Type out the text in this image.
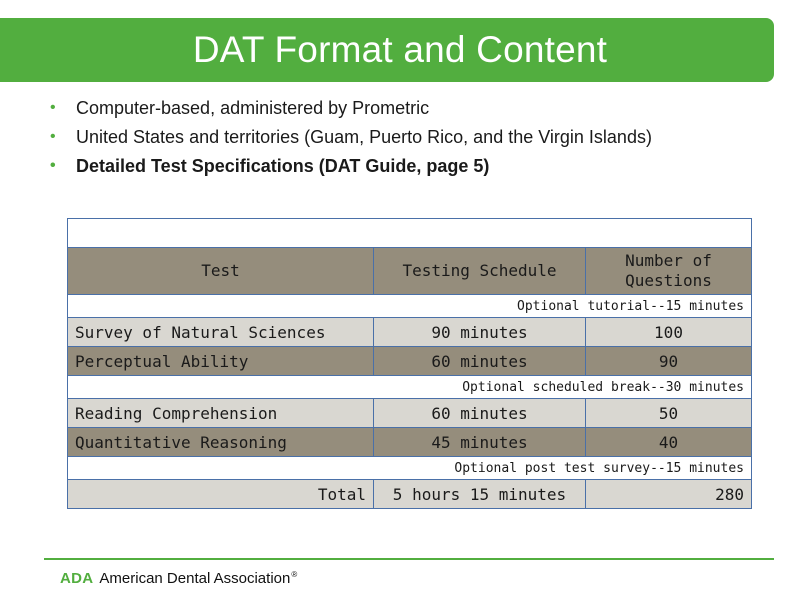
DAT Format and Content
• Computer-based, administered by Prometric
• United States and territories (Guam, Puerto Rico, and the Virgin Islands)
• Detailed Test Specifications (DAT Guide, page 5)

Test	Testing Schedule	Number of Questions
Optional tutorial--15 minutes		
Survey of Natural Sciences	90 minutes	100
Perceptual Ability	60 minutes	90
Optional scheduled break--30 minutes		
Reading Comprehension	60 minutes	50
Quantitative Reasoning	45 minutes	40
Optional post test survey--15 minutes		
Total	5 hours 15 minutes	280
ADA American Dental Association ®
